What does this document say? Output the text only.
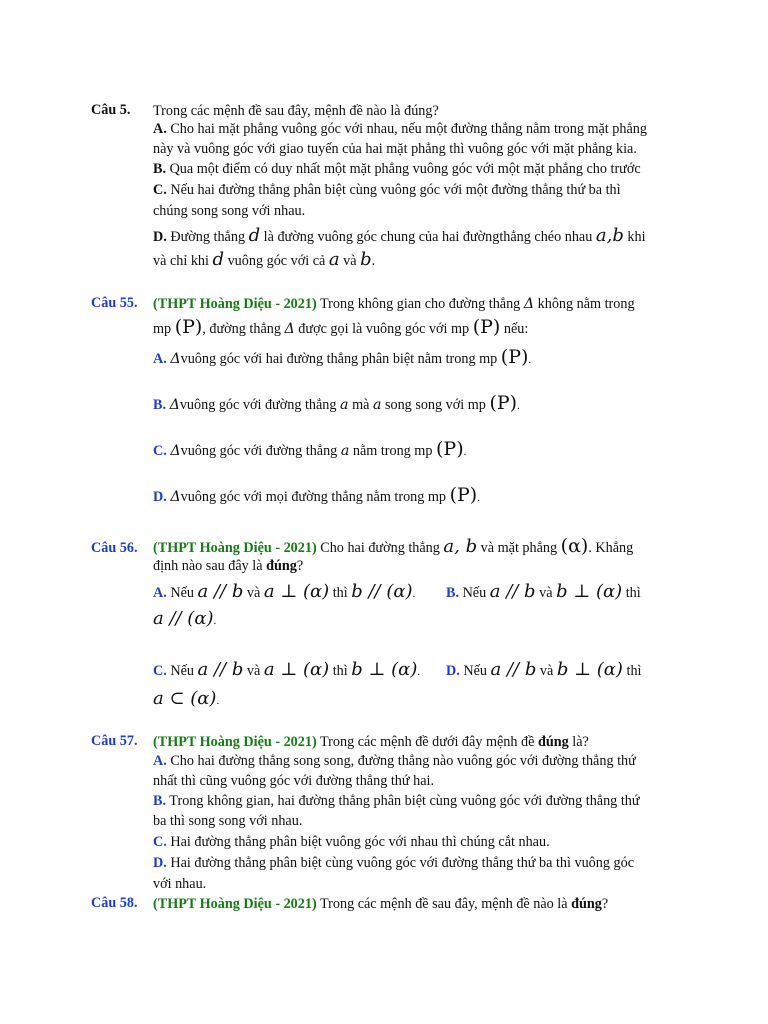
Câu 5. Trong các mệnh đề sau đây, mệnh đề nào là đúng?
A. Cho hai mặt phẳng vuông góc với nhau, nếu một đường thẳng nằm trong mặt phẳng
này và vuông góc với giao tuyến của hai mặt phẳng thì vuông góc với mặt phẳng kia.
B. Qua một điểm có duy nhất một mặt phẳng vuông góc với một mặt phẳng cho trước
C. Nếu hai đường thẳng phân biệt cùng vuông góc với một đường thẳng thứ ba thì
chúng song song với nhau.
D. Đường thẳng d là đường vuông góc chung của hai đườngthẳng chéo nhau a,b khi
và chỉ khi d vuông góc với cả a và b.
Câu 55. (THPT Hoàng Diệu - 2021) Trong không gian cho đường thẳng Δ không nằm trong
mp (P), đường thẳng Δ được gọi là vuông góc với mp (P) nếu:
A. Δvuông góc với hai đường thẳng phân biệt nằm trong mp (P).
B. Δvuông góc với đường thẳng a mà a song song với mp (P).
C. Δvuông góc với đường thẳng a nằm trong mp (P).
D. Δvuông góc với mọi đường thẳng nằm trong mp (P).
Câu 56. (THPT Hoàng Diệu - 2021) Cho hai đường thẳng a, b và mặt phẳng (α). Khẳng
định nào sau đây là đúng?
A. Nếu a // b và a ⊥ (α) thì b // (α).
a // (α).
B. Nếu a // b và b ⊥ (α) thì
C. Nếu a // b và a ⊥ (α) thì b ⊥ (α). D. Nếu a // b và b ⊥ (α) thì
a ⊂ (α).
Câu 57. (THPT Hoàng Diệu - 2021) Trong các mệnh đề dưới đây mệnh đề đúng là?
A. Cho hai đường thẳng song song, đường thẳng nào vuông góc với đường thẳng thứ
nhất thì cũng vuông góc với đường thẳng thứ hai.
B. Trong không gian, hai đường thẳng phân biệt cùng vuông góc với đường thẳng thứ
ba thì song song với nhau.
C. Hai đường thẳng phân biệt vuông góc với nhau thì chúng cắt nhau.
D. Hai đường thẳng phân biệt cùng vuông góc với đường thẳng thứ ba thì vuông góc
với nhau.
Câu 58. (THPT Hoàng Diệu - 2021) Trong các mệnh đề sau đây, mệnh đề nào là đúng?
